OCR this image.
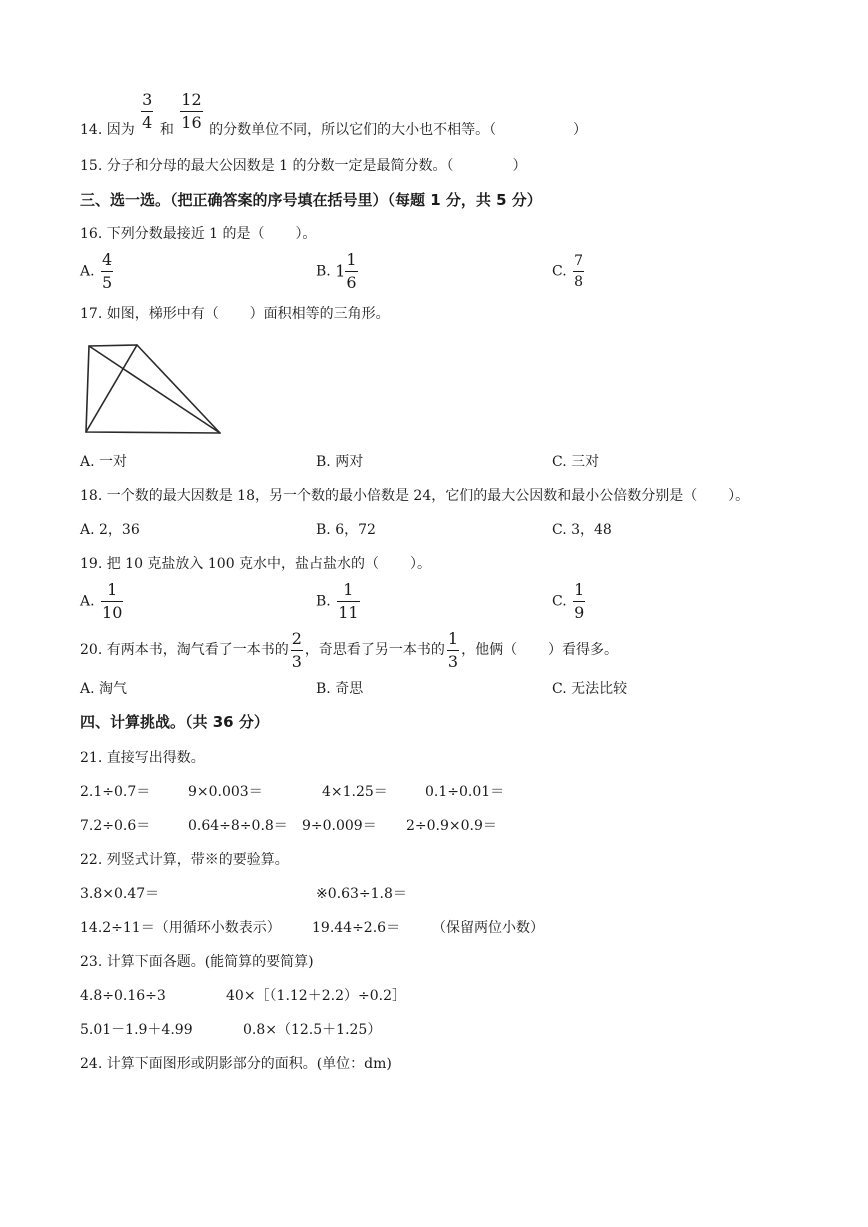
14. 因为 $\frac{3}{4}$ 和 $\frac{12}{16}$ 的分数单位不同，所以它们的大小也不相等。（	）
15. 分子和分母的最大公因数是 1 的分数一定是最简分数。（	）
三、选一选。（把正确答案的序号填在括号里）（每题 1 分，共 5 分）
16. 下列分数最接近 1 的是（ ）。
A. $\frac{4}{5}$	B. $1 \frac{1}{6}$	C. $\frac{7}{8}$
17. 如图，梯形中有（ ）面积相等的三角形。
A. 一对	B. 两对	C. 三对
18. 一个数的最大因数是 18，另一个数的最小倍数是 24，它们的最大公因数和最小公倍数分别是（ ）。
A. 2，36	B. 6，72	C. 3，48
19. 把 10 克盐放入 100 克水中，盐占盐水的（ ）。
A. $\frac{1}{10}$	B. $\frac{1}{11}$	C. $\frac{1}{9}$
20. 有两本书，淘气看了一本书的 $\frac{2}{3}$ ，奇思看了另一本书的 $\frac{1}{3}$ ，他俩（ ）看得多。
A. 淘气	B. 奇思	C. 无法比较
四、计算挑战。（共 36 分）
21. 直接写出得数。
2.1÷0.7＝	9×0.003＝	4×1.25＝	0.1÷0.01＝
7.2÷0.6＝	0.64÷8÷0.8＝ 9÷0.009＝ 2÷0.9×0.9＝
22. 列竖式计算，带※的要验算。
3.8×0.47＝	※0.63÷1.8＝
14.2÷11＝（用循环小数表示） 19.44÷2.6＝ （保留两位小数）
23. 计算下面各题。(能简算的要简算)
4.8÷0.16÷3	40×［（1.12＋2.2）÷0.2］
5.01－1.9＋4.99	0.8×（12.5＋1.25）
24. 计算下面图形或阴影部分的面积。(单位：dm)
